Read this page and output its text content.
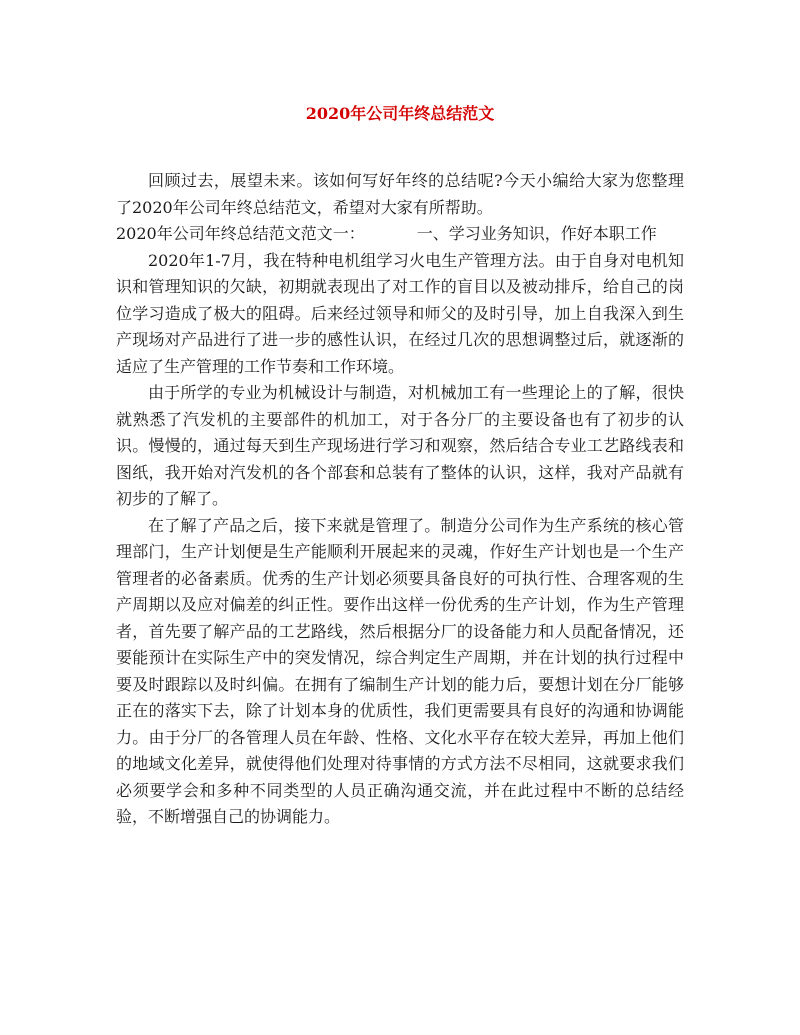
2020年公司年终总结范文

回顾过去，展望未来。该如何写好年终的总结呢?今天小编给大家为您整理了2020年公司年终总结范文，希望对大家有所帮助。

2020年公司年终总结范文范文一：	一、学习业务知识，作好本职工作

2020年1-7月，我在特种电机组学习火电生产管理方法。由于自身对电机知识和管理知识的欠缺，初期就表现出了对工作的盲目以及被动排斥，给自己的岗位学习造成了极大的阻碍。后来经过领导和师父的及时引导，加上自我深入到生产现场对产品进行了进一步的感性认识，在经过几次的思想调整过后，就逐渐的适应了生产管理的工作节奏和工作环境。

由于所学的专业为机械设计与制造，对机械加工有一些理论上的了解，很快就熟悉了汽发机的主要部件的机加工，对于各分厂的主要设备也有了初步的认识。慢慢的，通过每天到生产现场进行学习和观察，然后结合专业工艺路线表和图纸，我开始对汽发机的各个部套和总装有了整体的认识，这样，我对产品就有初步的了解了。

在了解了产品之后，接下来就是管理了。制造分公司作为生产系统的核心管理部门，生产计划便是生产能顺利开展起来的灵魂，作好生产计划也是一个生产管理者的必备素质。优秀的生产计划必须要具备良好的可执行性、合理客观的生产周期以及应对偏差的纠正性。要作出这样一份优秀的生产计划，作为生产管理者，首先要了解产品的工艺路线，然后根据分厂的设备能力和人员配备情况，还要能预计在实际生产中的突发情况，综合判定生产周期，并在计划的执行过程中要及时跟踪以及时纠偏。在拥有了编制生产计划的能力后，要想计划在分厂能够正在的落实下去，除了计划本身的优质性，我们更需要具有良好的沟通和协调能力。由于分厂的各管理人员在年龄、性格、文化水平存在较大差异，再加上他们的地域文化差异，就使得他们处理对待事情的方式方法不尽相同，这就要求我们必须要学会和多种不同类型的人员正确沟通交流，并在此过程中不断的总结经验，不断增强自己的协调能力。
